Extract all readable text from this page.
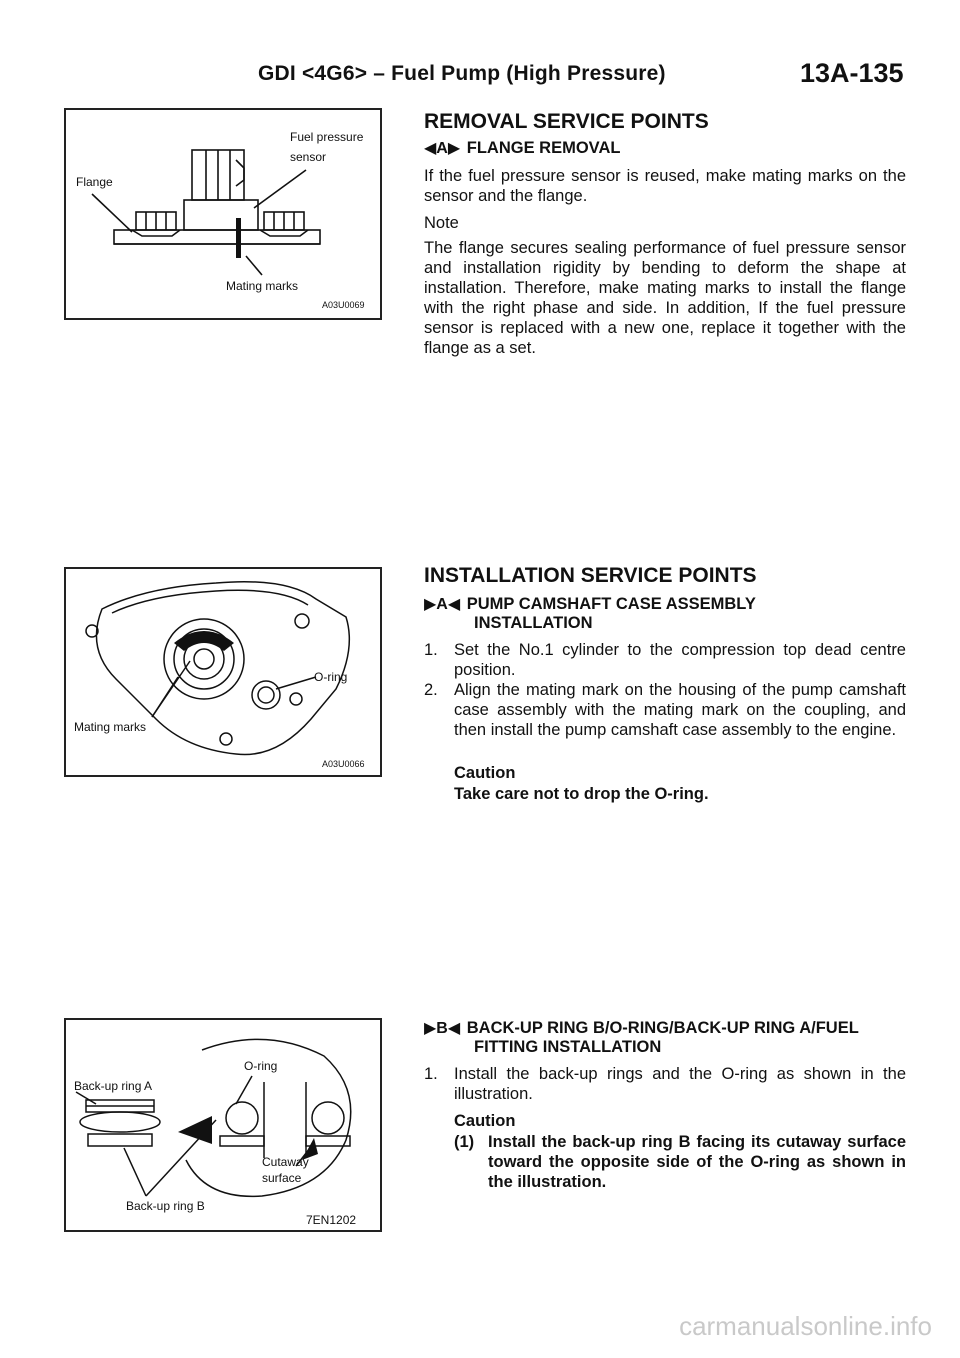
GDI <4G6> – Fuel Pump (High Pressure)	13A-135
Fuel pressure
sensor
Flange
Mating marks
A03U0069
O-ring
Mating marks
A03U0066
Back-up ring A
O-ring
Cutaway
surface
Back-up ring B
7EN1202
REMOVAL SERVICE POINTS
◀A▶ FLANGE REMOVAL
If the fuel pressure sensor is reused, make mating marks on the sensor and the flange.
Note
The flange secures sealing performance of fuel pressure sensor and installation rigidity by bending to deform the shape at installation. Therefore, make mating marks to install the flange with the right phase and side. In addition, If the fuel pressure sensor is replaced with a new one, replace it together with the flange as a set.
INSTALLATION SERVICE POINTS
▶A◀ PUMP CAMSHAFT CASE ASSEMBLY
INSTALLATION
1. Set the No.1 cylinder to the compression top dead centre position.
2. Align the mating mark on the housing of the pump camshaft case assembly with the mating mark on the coupling, and then install the pump camshaft case assembly to the engine.
Caution
Take care not to drop the O-ring.
▶B◀ BACK-UP RING B/O-RING/BACK-UP RING A/FUEL
FITTING INSTALLATION
1. Install the back-up rings and the O-ring as shown in the illustration.
Caution
(1) Install the back-up ring B facing its cutaway surface toward the opposite side of the O-ring as shown in the illustration.
carmanualsonline.info
